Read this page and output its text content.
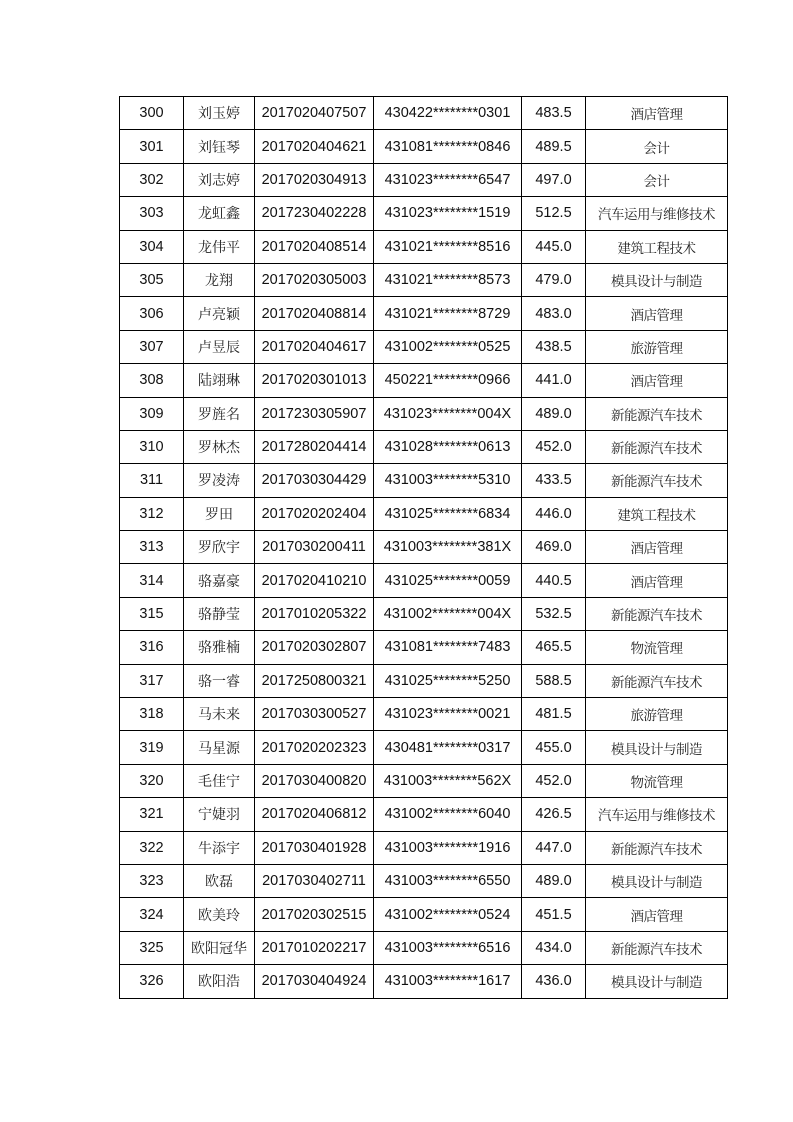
300	刘玉婷	2017020407507	430422********0301	483.5	酒店管理
301	刘钰琴	2017020404621	431081********0846	489.5	会计
302	刘志婷	2017020304913	431023********6547	497.0	会计
303	龙虹鑫	2017230402228	431023********1519	512.5	汽车运用与维修技术
304	龙伟平	2017020408514	431021********8516	445.0	建筑工程技术
305	龙翔	2017020305003	431021********8573	479.0	模具设计与制造
306	卢亮颖	2017020408814	431021********8729	483.0	酒店管理
307	卢昱辰	2017020404617	431002********0525	438.5	旅游管理
308	陆翊琳	2017020301013	450221********0966	441.0	酒店管理
309	罗旌名	2017230305907	431023********004X	489.0	新能源汽车技术
310	罗林杰	2017280204414	431028********0613	452.0	新能源汽车技术
311	罗凌涛	2017030304429	431003********5310	433.5	新能源汽车技术
312	罗田	2017020202404	431025********6834	446.0	建筑工程技术
313	罗欣宇	2017030200411	431003********381X	469.0	酒店管理
314	骆嘉豪	2017020410210	431025********0059	440.5	酒店管理
315	骆静莹	2017010205322	431002********004X	532.5	新能源汽车技术
316	骆雅楠	2017020302807	431081********7483	465.5	物流管理
317	骆一睿	2017250800321	431025********5250	588.5	新能源汽车技术
318	马未来	2017030300527	431023********0021	481.5	旅游管理
319	马星源	2017020202323	430481********0317	455.0	模具设计与制造
320	毛佳宁	2017030400820	431003********562X	452.0	物流管理
321	宁婕羽	2017020406812	431002********6040	426.5	汽车运用与维修技术
322	牛添宇	2017030401928	431003********1916	447.0	新能源汽车技术
323	欧磊	2017030402711	431003********6550	489.0	模具设计与制造
324	欧美玲	2017020302515	431002********0524	451.5	酒店管理
325	欧阳冠华	2017010202217	431003********6516	434.0	新能源汽车技术
326	欧阳浩	2017030404924	431003********1617	436.0	模具设计与制造
